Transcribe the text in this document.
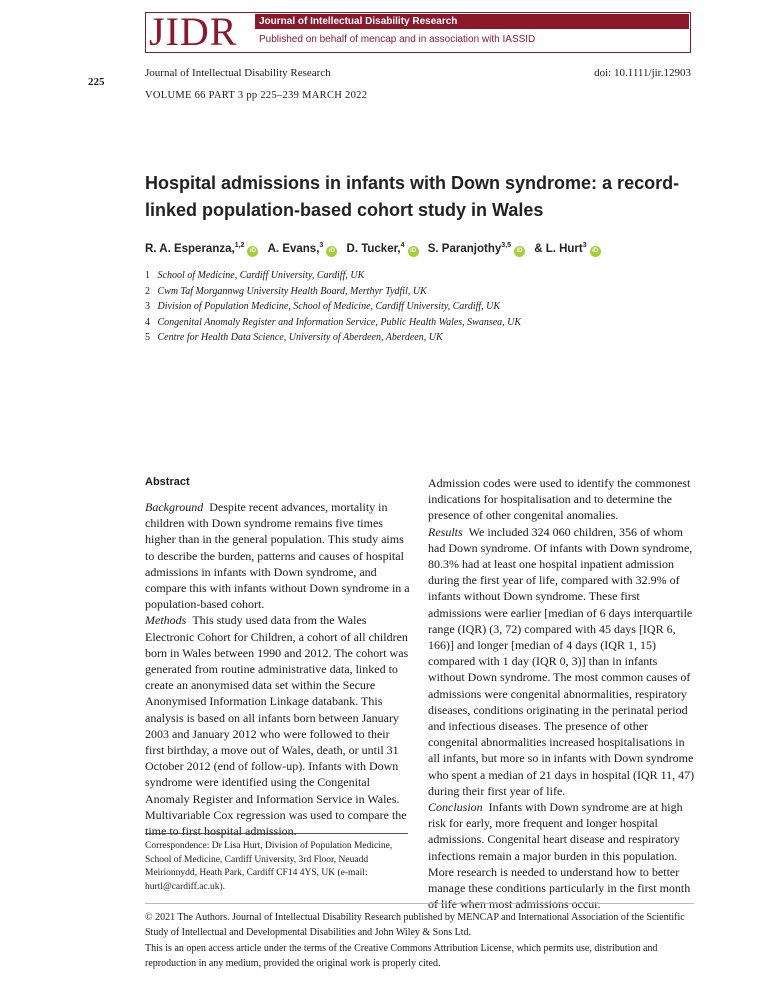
225
JIDR	Journal of Intellectual Disability Research
Published on behalf of mencap and in association with IASSID
Journal of Intellectual Disability Research	doi: 10.1111/jir.12903
VOLUME 66 PART 3 pp 225–239 MARCH 2022
Hospital admissions in infants with Down syndrome: a record-linked population-based cohort study in Wales
R. A. Esperanza,$^{1,2}$iD A. Evans,$^3$iD D. Tucker,$^4$iD S. Paranjothy$^{3,5}$iD & L. Hurt$^3$iD
1 School of Medicine, Cardiff University, Cardiff, UK
2 Cwm Taf Morgannwg University Health Board, Merthyr Tydfil, UK
3 Division of Population Medicine, School of Medicine, Cardiff University, Cardiff, UK
4 Congenital Anomaly Register and Information Service, Public Health Wales, Swansea, UK
5 Centre for Health Data Science, University of Aberdeen, Aberdeen, UK
Abstract

Background Despite recent advances, mortality in children with Down syndrome remains five times higher than in the general population. This study aims to describe the burden, patterns and causes of hospital admissions in infants with Down syndrome, and compare this with infants without Down syndrome in a population-based cohort.

Methods This study used data from the Wales Electronic Cohort for Children, a cohort of all children born in Wales between 1990 and 2012. The cohort was generated from routine administrative data, linked to create an anonymised data set within the Secure Anonymised Information Linkage databank. This analysis is based on all infants born between January 2003 and January 2012 who were followed to their first birthday, a move out of Wales, death, or until 31 October 2012 (end of follow-up). Infants with Down syndrome were identified using the Congenital Anomaly Register and Information Service in Wales. Multivariable Cox regression was used to compare the time to first hospital admission.

Admission codes were used to identify the commonest indications for hospitalisation and to determine the presence of other congenital anomalies.

Results We included 324 060 children, 356 of whom had Down syndrome. Of infants with Down syndrome, 80.3% had at least one hospital inpatient admission during the first year of life, compared with 32.9% of infants without Down syndrome. These first admissions were earlier [median of 6 days interquartile range (IQR) (3, 72) compared with 45 days [IQR 6, 166)] and longer [median of 4 days (IQR 1, 15) compared with 1 day (IQR 0, 3)] than in infants without Down syndrome. The most common causes of admissions were congenital abnormalities, respiratory diseases, conditions originating in the perinatal period and infectious diseases. The presence of other congenital abnormalities increased hospitalisations in all infants, but more so in infants with Down syndrome who spent a median of 21 days in hospital (IQR 11, 47) during their first year of life.

Conclusion Infants with Down syndrome are at high risk for early, more frequent and longer hospital admissions. Congenital heart disease and respiratory infections remain a major burden in this population. More research is needed to understand how to better manage these conditions particularly in the first month of life when most admissions occur.

Correspondence: Dr Lisa Hurt, Division of Population Medicine, School of Medicine, Cardiff University, 3rd Floor, Neuadd Meirionnydd, Heath Park, Cardiff CF14 4YS, UK (e-mail: hurtl@cardiff.ac.uk).

© 2021 The Authors. Journal of Intellectual Disability Research published by MENCAP and International Association of the Scientific Study of Intellectual and Developmental Disabilities and John Wiley & Sons Ltd.

This is an open access article under the terms of the Creative Commons Attribution License, which permits use, distribution and reproduction in any medium, provided the original work is properly cited.
